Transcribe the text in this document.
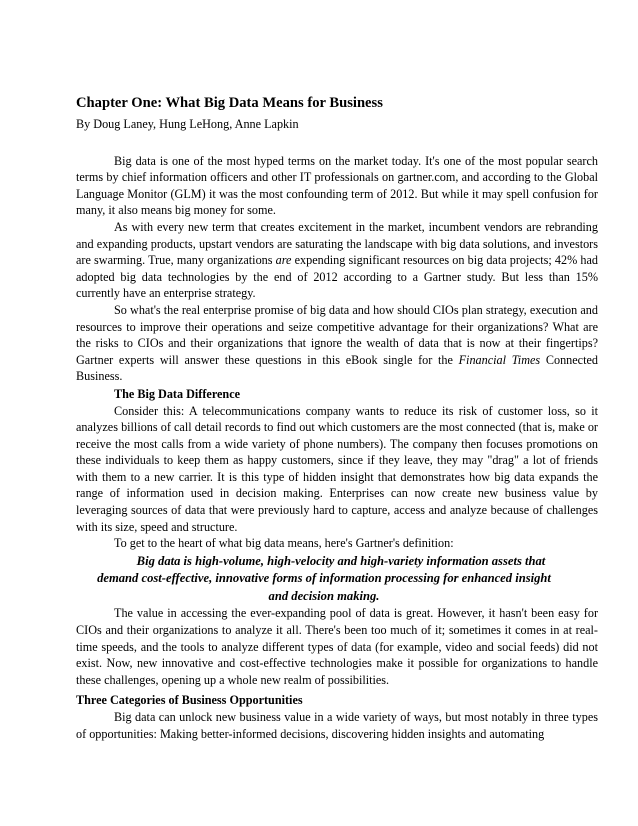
Chapter One: What Big Data Means for Business
By Doug Laney, Hung LeHong, Anne Lapkin

Big data is one of the most hyped terms on the market today. It's one of the most popular search terms by chief information officers and other IT professionals on gartner.com, and according to the Global Language Monitor (GLM) it was the most confounding term of 2012. But while it may spell confusion for many, it also means big money for some.

As with every new term that creates excitement in the market, incumbent vendors are rebranding and expanding products, upstart vendors are saturating the landscape with big data solutions, and investors are swarming. True, many organizations are expending significant resources on big data projects; 42% had adopted big data technologies by the end of 2012 according to a Gartner study. But less than 15% currently have an enterprise strategy.

So what's the real enterprise promise of big data and how should CIOs plan strategy, execution and resources to improve their operations and seize competitive advantage for their organizations? What are the risks to CIOs and their organizations that ignore the wealth of data that is now at their fingertips? Gartner experts will answer these questions in this eBook single for the Financial Times Connected Business.

The Big Data Difference

Consider this: A telecommunications company wants to reduce its risk of customer loss, so it analyzes billions of call detail records to find out which customers are the most connected (that is, make or receive the most calls from a wide variety of phone numbers). The company then focuses promotions on these individuals to keep them as happy customers, since if they leave, they may "drag" a lot of friends with them to a new carrier. It is this type of hidden insight that demonstrates how big data expands the range of information used in decision making. Enterprises can now create new business value by leveraging sources of data that were previously hard to capture, access and analyze because of challenges with its size, speed and structure.

To get to the heart of what big data means, here's Gartner's definition:

Big data is high-volume, high-velocity and high-variety information assets that
demand cost-effective, innovative forms of information processing for enhanced insight
and decision making.

The value in accessing the ever-expanding pool of data is great. However, it hasn't been easy for CIOs and their organizations to analyze it all. There's been too much of it; sometimes it comes in at real-time speeds, and the tools to analyze different types of data (for example, video and social feeds) did not exist. Now, new innovative and cost-effective technologies make it possible for organizations to handle these challenges, opening up a whole new realm of possibilities.

Three Categories of Business Opportunities

Big data can unlock new business value in a wide variety of ways, but most notably in three types of opportunities: Making better-informed decisions, discovering hidden insights and automating
